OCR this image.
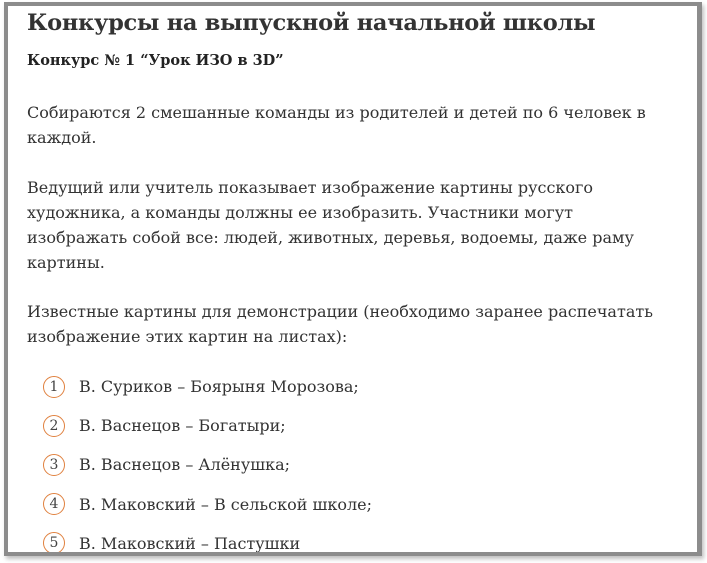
Конкурсы на выпускной начальной школы
Конкурс № 1 “Урок ИЗО в 3D”

Собираются 2 смешанные команды из родителей и детей по 6 человек в каждой.

Ведущий или учитель показывает изображение картины русского художника, а команды должны ее изобразить. Участники могут изображать собой все: людей, животных, деревья, водоемы, даже раму картины.

Известные картины для демонстрации (необходимо заранее распечатать изображение этих картин на листах):

1	В. Суриков – Боярыня Морозова;
2	В. Васнецов – Богатыри;
3	В. Васнецов – Алёнушка;
4	В. Маковский – В сельской школе;
5	В. Маковский – Пастушки
